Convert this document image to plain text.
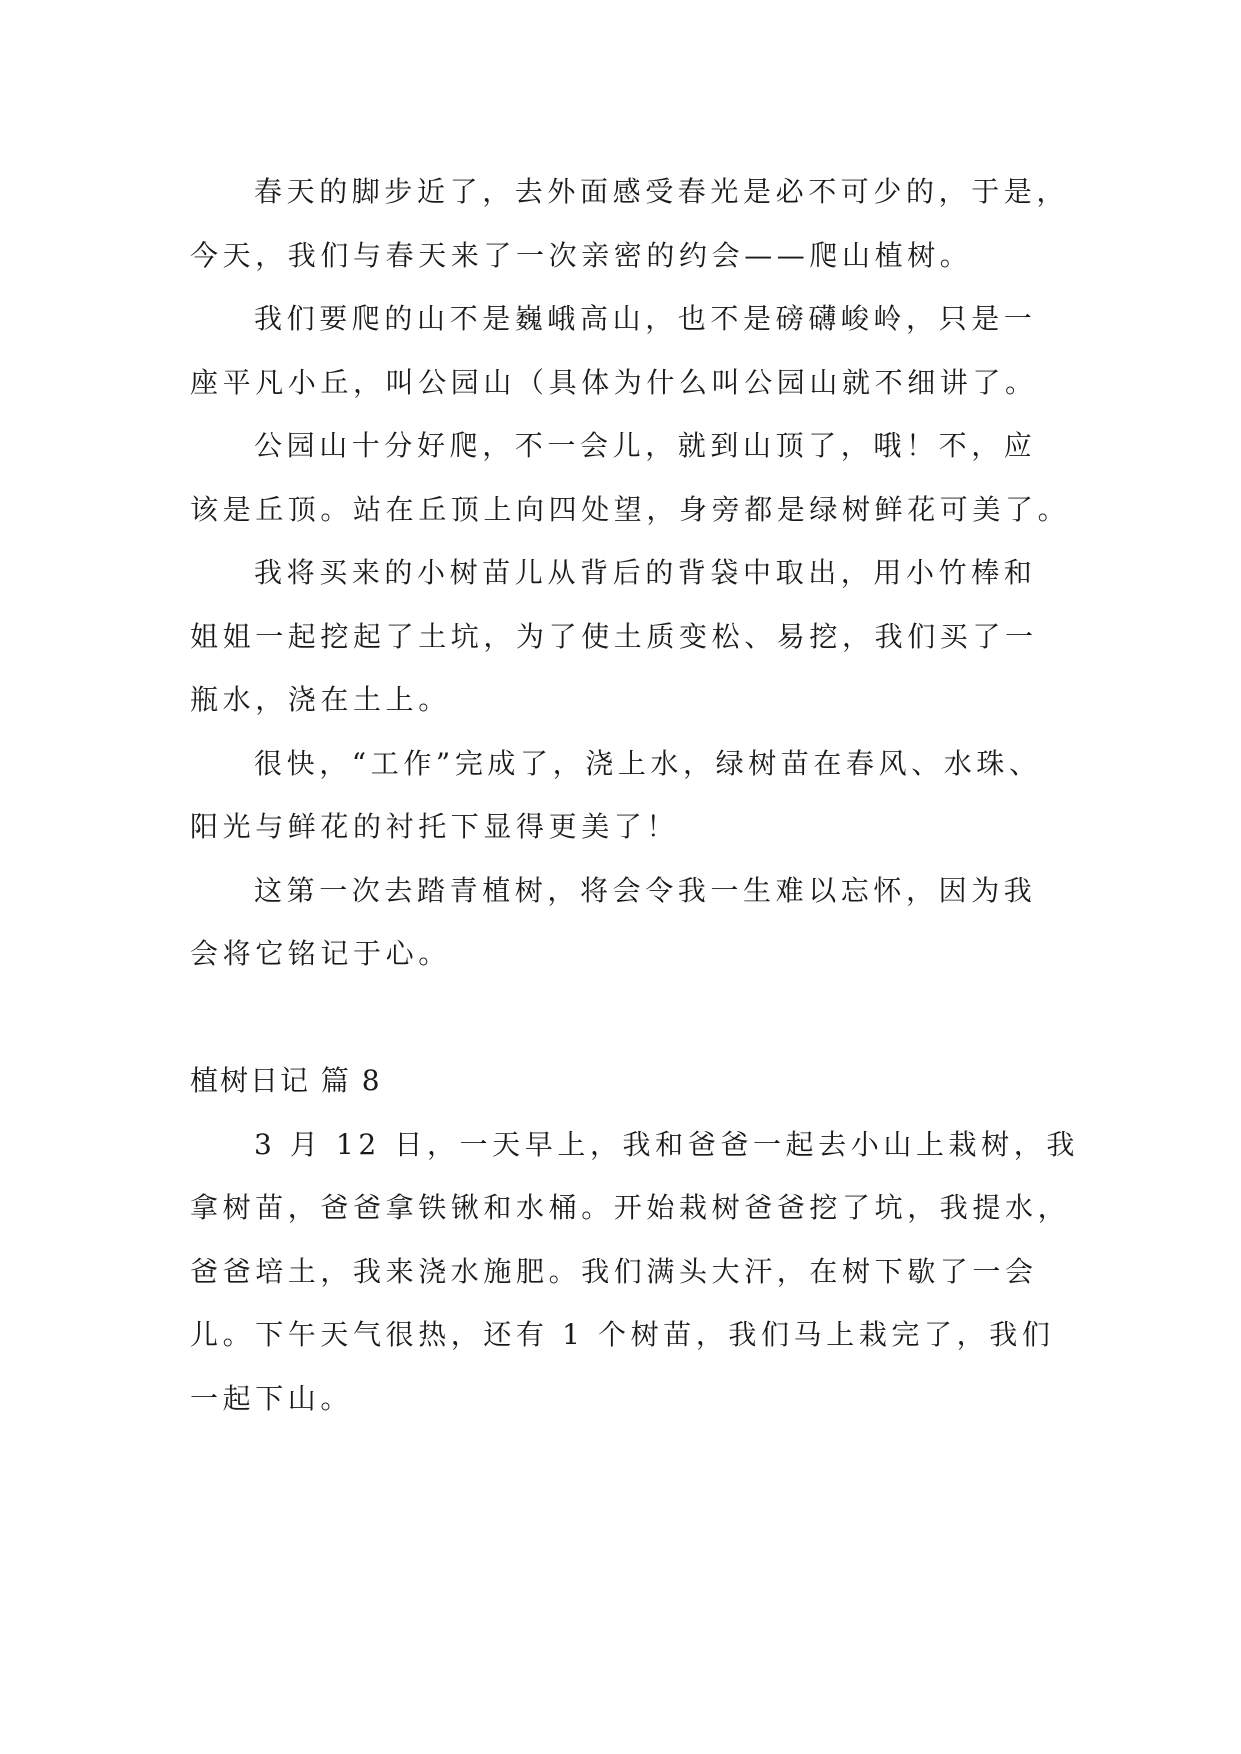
春天的脚步近了，去外面感受春光是必不可少的，于是，
今天，我们与春天来了一次亲密的约会——爬山植树。
我们要爬的山不是巍峨高山，也不是磅礴峻岭，只是一
座平凡小丘，叫公园山（具体为什么叫公园山就不细讲了。
公园山十分好爬，不一会儿，就到山顶了，哦！不，应
该是丘顶。站在丘顶上向四处望，身旁都是绿树鲜花可美了。
我将买来的小树苗儿从背后的背袋中取出，用小竹棒和
姐姐一起挖起了土坑，为了使土质变松、易挖，我们买了一
瓶水，浇在土上。
很快，“工作”完成了，浇上水，绿树苗在春风、水珠、
阳光与鲜花的衬托下显得更美了！
这第一次去踏青植树，将会令我一生难以忘怀，因为我
会将它铭记于心。
植树日记 篇 8
3 月 12 日，一天早上，我和爸爸一起去小山上栽树，我
拿树苗，爸爸拿铁锹和水桶。开始栽树爸爸挖了坑，我提水，
爸爸培土，我来浇水施肥。我们满头大汗，在树下歇了一会
儿。下午天气很热，还有 1 个树苗，我们马上栽完了，我们
一起下山。
